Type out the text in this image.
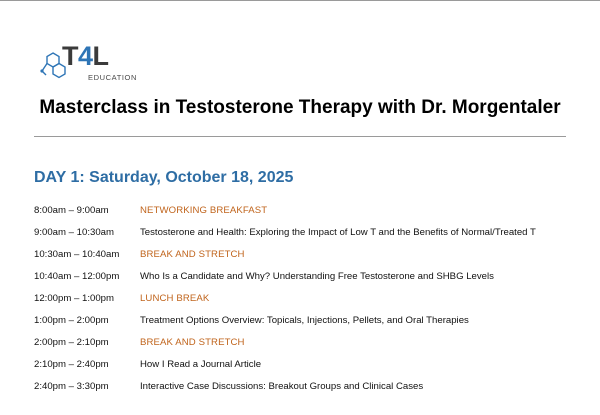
T4L
EDUCATION
Masterclass in Testosterone Therapy with Dr. Morgentaler
DAY 1: Saturday, October 18, 2025
8:00am – 9:00am	NETWORKING BREAKFAST
9:00am – 10:30am	Testosterone and Health: Exploring the Impact of Low T and the Benefits of Normal/Treated T
10:30am – 10:40am	BREAK AND STRETCH
10:40am – 12:00pm	Who Is a Candidate and Why? Understanding Free Testosterone and SHBG Levels
12:00pm – 1:00pm	LUNCH BREAK
1:00pm – 2:00pm	Treatment Options Overview: Topicals, Injections, Pellets, and Oral Therapies
2:00pm – 2:10pm	BREAK AND STRETCH
2:10pm – 2:40pm	How I Read a Journal Article
2:40pm – 3:30pm	Interactive Case Discussions: Breakout Groups and Clinical Cases
